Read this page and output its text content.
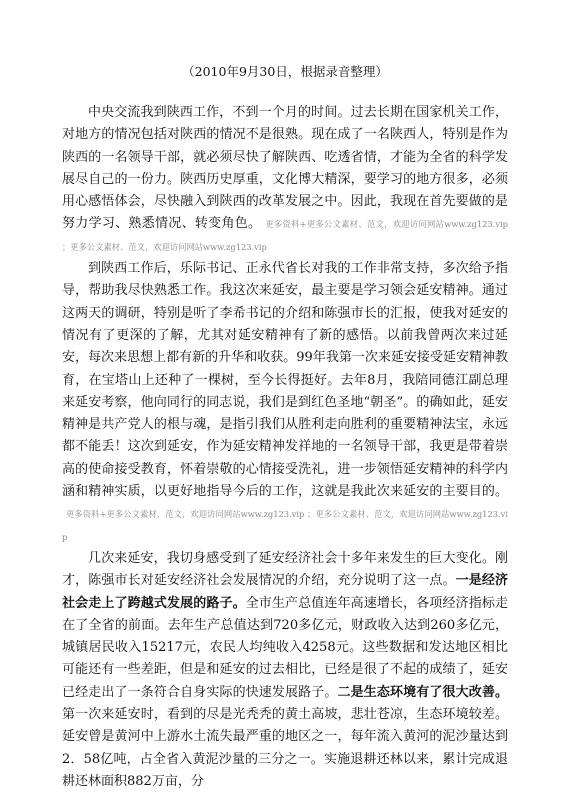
（2010年9月30日，根据录音整理）

中央交流我到陕西工作，不到一个月的时间。过去长期在国家机关工作，对地方的情况包括对陕西的情况不是很熟。现在成了一名陕西人，特别是作为陕西的一名领导干部，就必须尽快了解陕西、吃透省情，才能为全省的科学发展尽自己的一份力。陕西历史厚重，文化博大精深，要学习的地方很多，必须用心感悟体会，尽快融入到陕西的改革发展之中。因此，我现在首先要做的是努力学习、熟悉情况、转变角色。 更多资料+更多公文素材、范文，欢迎访问网站www.zg123.vip ；更多公文素材、范文，欢迎访问网站www.zg123.vip

到陕西工作后，乐际书记、正永代省长对我的工作非常支持，多次给予指导，帮助我尽快熟悉工作。我这次来延安，最主要是学习领会延安精神。通过这两天的调研，特别是听了李希书记的介绍和陈强市长的汇报，使我对延安的情况有了更深的了解，尤其对延安精神有了新的感悟。以前我曾两次来过延安，每次来思想上都有新的升华和收获。99年我第一次来延安接受延安精神教育，在宝塔山上还种了一棵树，至今长得挺好。去年8月，我陪同德江副总理来延安考察，他向同行的同志说，我们是到红色圣地“朝圣”。的确如此，延安精神是共产党人的根与魂，是指引我们从胜利走向胜利的重要精神法宝，永远都不能丢！这次到延安，作为延安精神发祥地的一名领导干部，我更是带着崇高的使命接受教育，怀着崇敬的心情接受洗礼，进一步领悟延安精神的科学内涵和精神实质，以更好地指导今后的工作，这就是我此次来延安的主要目的。更多资料+更多公文素材、范文，欢迎访问网站www.zg123.vip ；更多公文素材、范文，欢迎访问网站www.zg123.vip

几次来延安，我切身感受到了延安经济社会十多年来发生的巨大变化。刚才，陈强市长对延安经济社会发展情况的介绍，充分说明了这一点。一是经济社会走上了跨越式发展的路子。全市生产总值连年高速增长，各项经济指标走在了全省的前面。去年生产总值达到720多亿元，财政收入达到260多亿元，城镇居民收入15217元，农民人均纯收入4258元。这些数据和发达地区相比可能还有一些差距，但是和延安的过去相比，已经是很了不起的成绩了，延安已经走出了一条符合自身实际的快速发展路子。二是生态环境有了很大改善。第一次来延安时，看到的尽是光秃秃的黄土高坡，悲壮苍凉，生态环境较差。延安曾是黄河中上游水土流失最严重的地区之一，每年流入黄河的泥沙量达到2．58亿吨，占全省入黄泥沙量的三分之一。实施退耕还林以来，累计完成退耕还林面积882万亩，分
